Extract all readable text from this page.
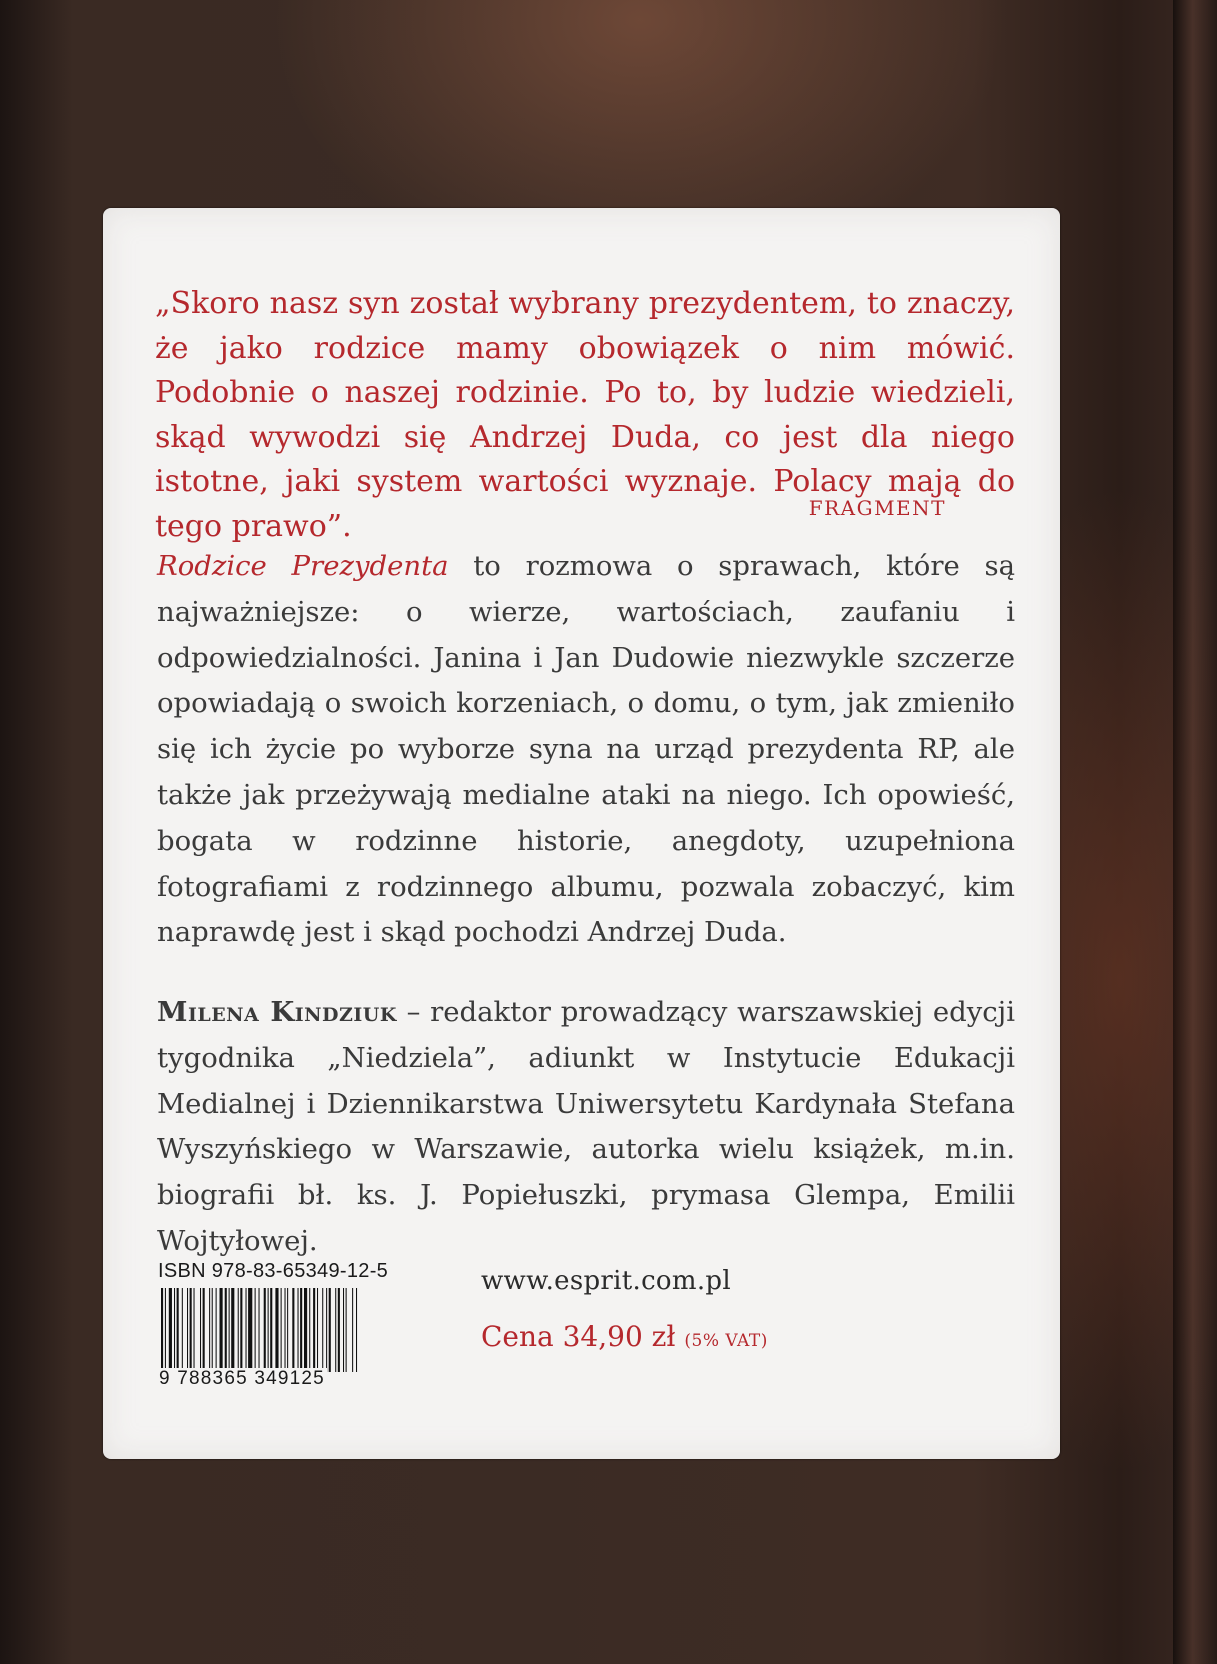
„Skoro nasz syn został wybrany prezydentem, to znaczy, że jako rodzice mamy obowiązek o nim mówić. Podobnie o naszej rodzinie. Po to, by ludzie wiedzieli, skąd wywodzi się Andrzej Duda, co jest dla niego istotne, jaki system wartości wyznaje. Polacy mają do tego prawo”.

FRAGMENT

Rodzice Prezydenta to rozmowa o sprawach, które są najważniejsze: o wierze, wartościach, zaufaniu i odpowiedzialności. Janina i Jan Dudowie niezwykle szczerze opowiadają o swoich korzeniach, o domu, o tym, jak zmieniło się ich życie po wyborze syna na urząd prezydenta RP, ale także jak przeżywają medialne ataki na niego. Ich opowieść, bogata w rodzinne historie, anegdoty, uzupełniona fotografiami z rodzinnego albumu, pozwala zobaczyć, kim naprawdę jest i skąd pochodzi Andrzej Duda.

Milena Kindziuk – redaktor prowadzący warszawskiej edycji tygodnika „Niedziela”, adiunkt w Instytucie Edukacji Medialnej i Dziennikarstwa Uniwersytetu Kardynała Stefana Wyszyńskiego w Warszawie, autorka wielu książek, m.in. biografii bł. ks. J. Popiełuszki, prymasa Glempa, Emilii Wojtyłowej.

ISBN 978-83-65349-12-5
9 788365 349125
www.esprit.com.pl
Cena 34,90 zł (5% VAT)
